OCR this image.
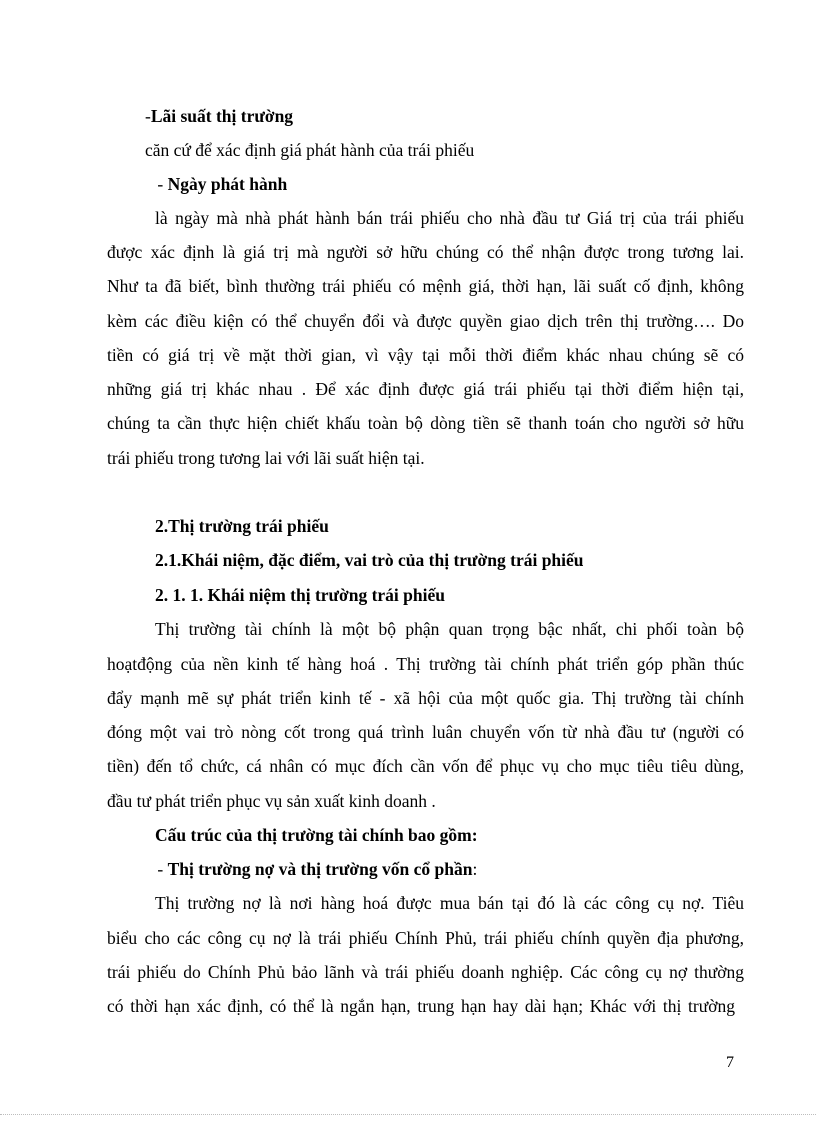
-Lãi suất thị trường

căn cứ để xác định giá phát hành của trái phiếu

- Ngày phát hành

là ngày mà nhà phát hành bán trái phiếu cho nhà đầu tư Giá trị của trái phiếu

được xác định là giá trị mà người sở hữu chúng có thể nhận được trong tương lai.

Như ta đã biết, bình thường trái phiếu có mệnh giá, thời hạn, lãi suất cố định, không

kèm các điều kiện có thể chuyển đổi và được quyền giao dịch trên thị trường…. Do

tiền có giá trị về mặt thời gian, vì vậy tại mỗi thời điểm khác nhau chúng sẽ có

những giá trị khác nhau . Để xác định được giá trái phiếu tại thời điểm hiện tại,

chúng ta cần thực hiện chiết khấu toàn bộ dòng tiền sẽ thanh toán cho người sở hữu

trái phiếu trong tương lai với lãi suất hiện tại.

2.Thị trường trái phiếu

2.1.Khái niệm, đặc điểm, vai trò của thị trường trái phiếu

2. 1. 1. Khái niệm thị trường trái phiếu

Thị trường tài chính là một bộ phận quan trọng bậc nhất, chi phối toàn bộ

hoạtđộng của nền kinh tế hàng hoá . Thị trường tài chính phát triển góp phần thúc

đẩy mạnh mẽ sự phát triển kinh tế - xã hội của một quốc gia. Thị trường tài chính

đóng một vai trò nòng cốt trong quá trình luân chuyển vốn từ nhà đầu tư (người có

tiền) đến tổ chức, cá nhân có mục đích cần vốn để phục vụ cho mục tiêu tiêu dùng,

đầu tư phát triển phục vụ sản xuất kinh doanh .

Cấu trúc của thị trường tài chính bao gồm:

- Thị trường nợ và thị trường vốn cổ phần:

Thị trường nợ là nơi hàng hoá được mua bán tại đó là các công cụ nợ. Tiêu

biểu cho các công cụ nợ là trái phiếu Chính Phủ, trái phiếu chính quyền địa phương,

trái phiếu do Chính Phủ bảo lãnh và trái phiếu doanh nghiệp. Các công cụ nợ thường

có thời hạn xác định, có thể là ngắn hạn, trung hạn hay dài hạn; Khác với thị trường

7
